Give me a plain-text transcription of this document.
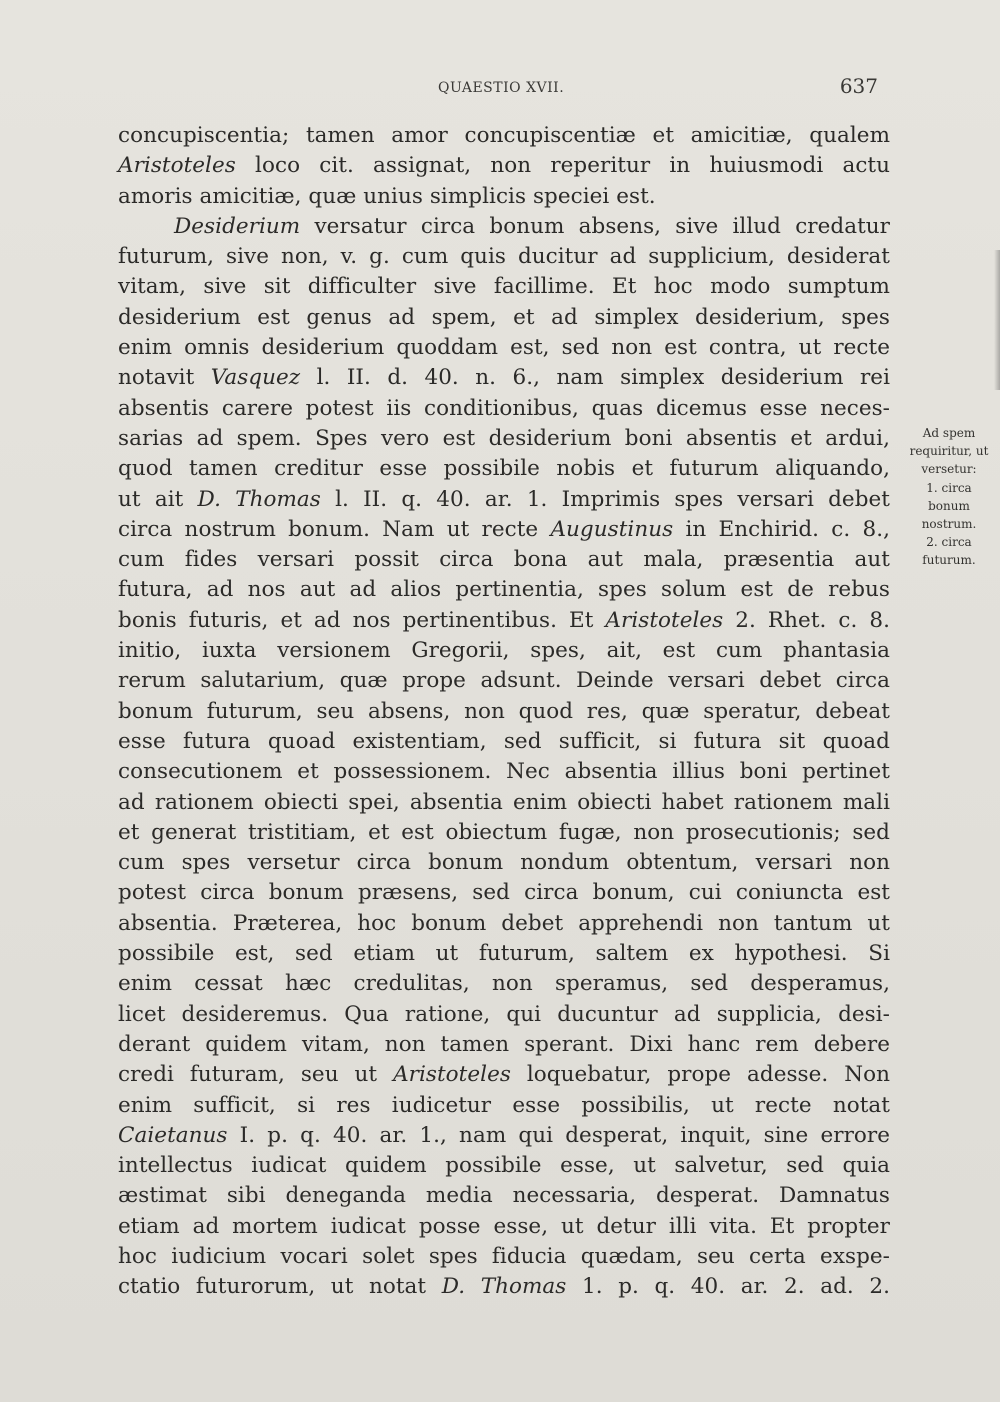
QUAESTIO XVII.	637
concupiscentia; tamen amor concupiscentiæ et amicitiæ, qualem
Aristoteles loco cit. assignat, non reperitur in huiusmodi actu
amoris amicitiæ, quæ unius simplicis speciei est.
Desiderium versatur circa bonum absens, sive illud credatur
futurum, sive non, v. g. cum quis ducitur ad supplicium, desiderat
vitam, sive sit difficulter sive facillime. Et hoc modo sumptum
desiderium est genus ad spem, et ad simplex desiderium, spes
enim omnis desiderium quoddam est, sed non est contra, ut recte
notavit Vasquez l. II. d. 40. n. 6., nam simplex desiderium rei
absentis carere potest iis conditionibus, quas dicemus esse neces-
sarias ad spem. Spes vero est desiderium boni absentis et ardui,
quod tamen creditur esse possibile nobis et futurum aliquando,
ut ait D. Thomas l. II. q. 40. ar. 1. Imprimis spes versari debet
circa nostrum bonum. Nam ut recte Augustinus in Enchirid. c. 8.,
cum fides versari possit circa bona aut mala, præsentia aut
futura, ad nos aut ad alios pertinentia, spes solum est de rebus
bonis futuris, et ad nos pertinentibus. Et Aristoteles 2. Rhet. c. 8.
initio, iuxta versionem Gregorii, spes, ait, est cum phantasia
rerum salutarium, quæ prope adsunt. Deinde versari debet circa
bonum futurum, seu absens, non quod res, quæ speratur, debeat
esse futura quoad existentiam, sed sufficit, si futura sit quoad
consecutionem et possessionem. Nec absentia illius boni pertinet
ad rationem obiecti spei, absentia enim obiecti habet rationem mali
et generat tristitiam, et est obiectum fugæ, non prosecutionis; sed
cum spes versetur circa bonum nondum obtentum, versari non
potest circa bonum præsens, sed circa bonum, cui coniuncta est
absentia. Præterea, hoc bonum debet apprehendi non tantum ut
possibile est, sed etiam ut futurum, saltem ex hypothesi. Si
enim cessat hæc credulitas, non speramus, sed desperamus,
licet desideremus. Qua ratione, qui ducuntur ad supplicia, desi-
derant quidem vitam, non tamen sperant. Dixi hanc rem debere
credi futuram, seu ut Aristoteles loquebatur, prope adesse. Non
enim sufficit, si res iudicetur esse possibilis, ut recte notat
Caietanus I. p. q. 40. ar. 1., nam qui desperat, inquit, sine errore
intellectus iudicat quidem possibile esse, ut salvetur, sed quia
æstimat sibi deneganda media necessaria, desperat. Damnatus
etiam ad mortem iudicat posse esse, ut detur illi vita. Et propter
hoc iudicium vocari solet spes fiducia quædam, seu certa exspe-
ctatio futurorum, ut notat D. Thomas 1. p. q. 40. ar. 2. ad. 2.
Ad spem
requiritur, ut
versetur:
1. circa
bonum
nostrum.
2. circa
futurum.
